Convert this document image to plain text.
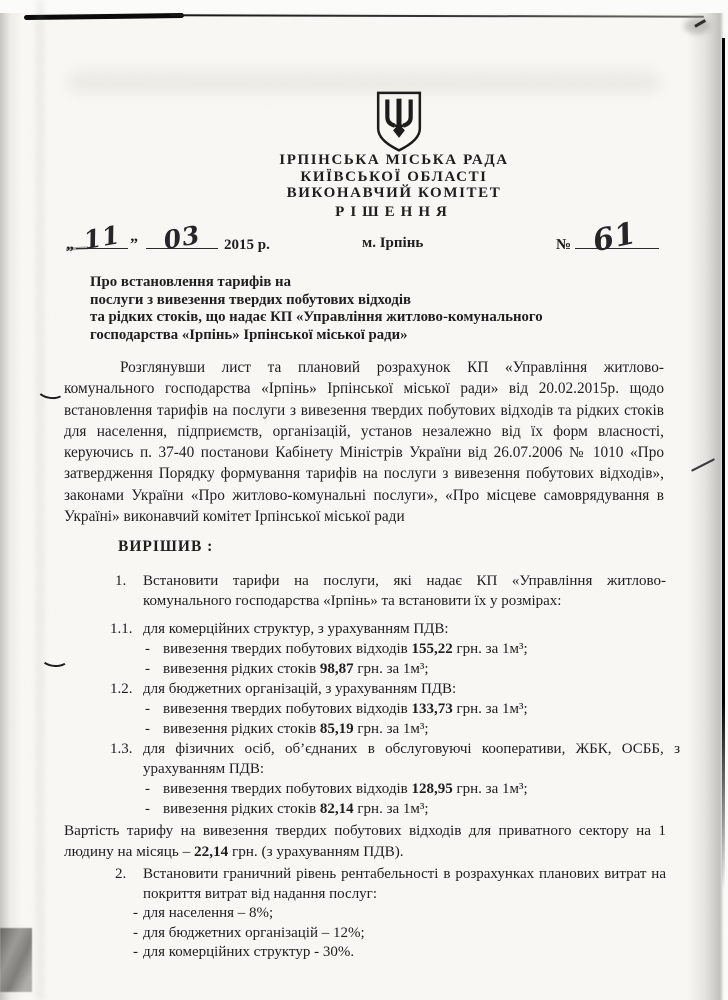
ІРПІНСЬКА МІСЬКА РАДА
КИЇВСЬКОЇ ОБЛАСТІ
ВИКОНАВЧИЙ КОМІТЕТ
РІШЕННЯ
„ 11 ” 03 2015 р.	м. Ірпінь	№ 61
Про встановлення тарифів на
послуги з вивезення твердих побутових відходів
та рідких стоків, що надає КП «Управління житлово-комунального
господарства «Ірпінь» Ірпінської міської ради»

Розглянувши лист та плановий розрахунок КП «Управління житлово-комунального господарства «Ірпінь» Ірпінської міської ради» від 20.02.2015р. щодо встановлення тарифів на послуги з вивезення твердих побутових відходів та рідких стоків для населення, підприємств, організацій, установ незалежно від їх форм власності, керуючись п. 37-40 постанови Кабінету Міністрів України від 26.07.2006 № 1010 «Про затвердження Порядку формування тарифів на послуги з вивезення побутових відходів», законами України «Про житлово-комунальні послуги», «Про місцеве самоврядування в Україні» виконавчий комітет Ірпінської міської ради

ВИРІШИВ :
1. Встановити тарифи на послуги, які надає КП «Управління житлово-комунального господарства «Ірпінь» та встановити їх у розмірах:
1.1. для комерційних структур, з урахуванням ПДВ:
- вивезення твердих побутових відходів 155,22 грн. за 1м³;
- вивезення рідких стоків 98,87 грн. за 1м³;
1.2. для бюджетних організацій, з урахуванням ПДВ:
- вивезення твердих побутових відходів 133,73 грн. за 1м³;
- вивезення рідких стоків 85,19 грн. за 1м³;
1.3. для фізичних осіб, об’єднаних в обслуговуючі кооперативи, ЖБК, ОСББ, з урахуванням ПДВ:
- вивезення твердих побутових відходів 128,95 грн. за 1м³;
- вивезення рідких стоків 82,14 грн. за 1м³;

Вартість тарифу на вивезення твердих побутових відходів для приватного сектору на 1 людину на місяць – 22,14 грн. (з урахуванням ПДВ).

2. Встановити граничний рівень рентабельності в розрахунках планових витрат на покриття витрат від надання послуг:
- для населення – 8%;
- для бюджетних організацій – 12%;
- для комерційних структур - 30%.
